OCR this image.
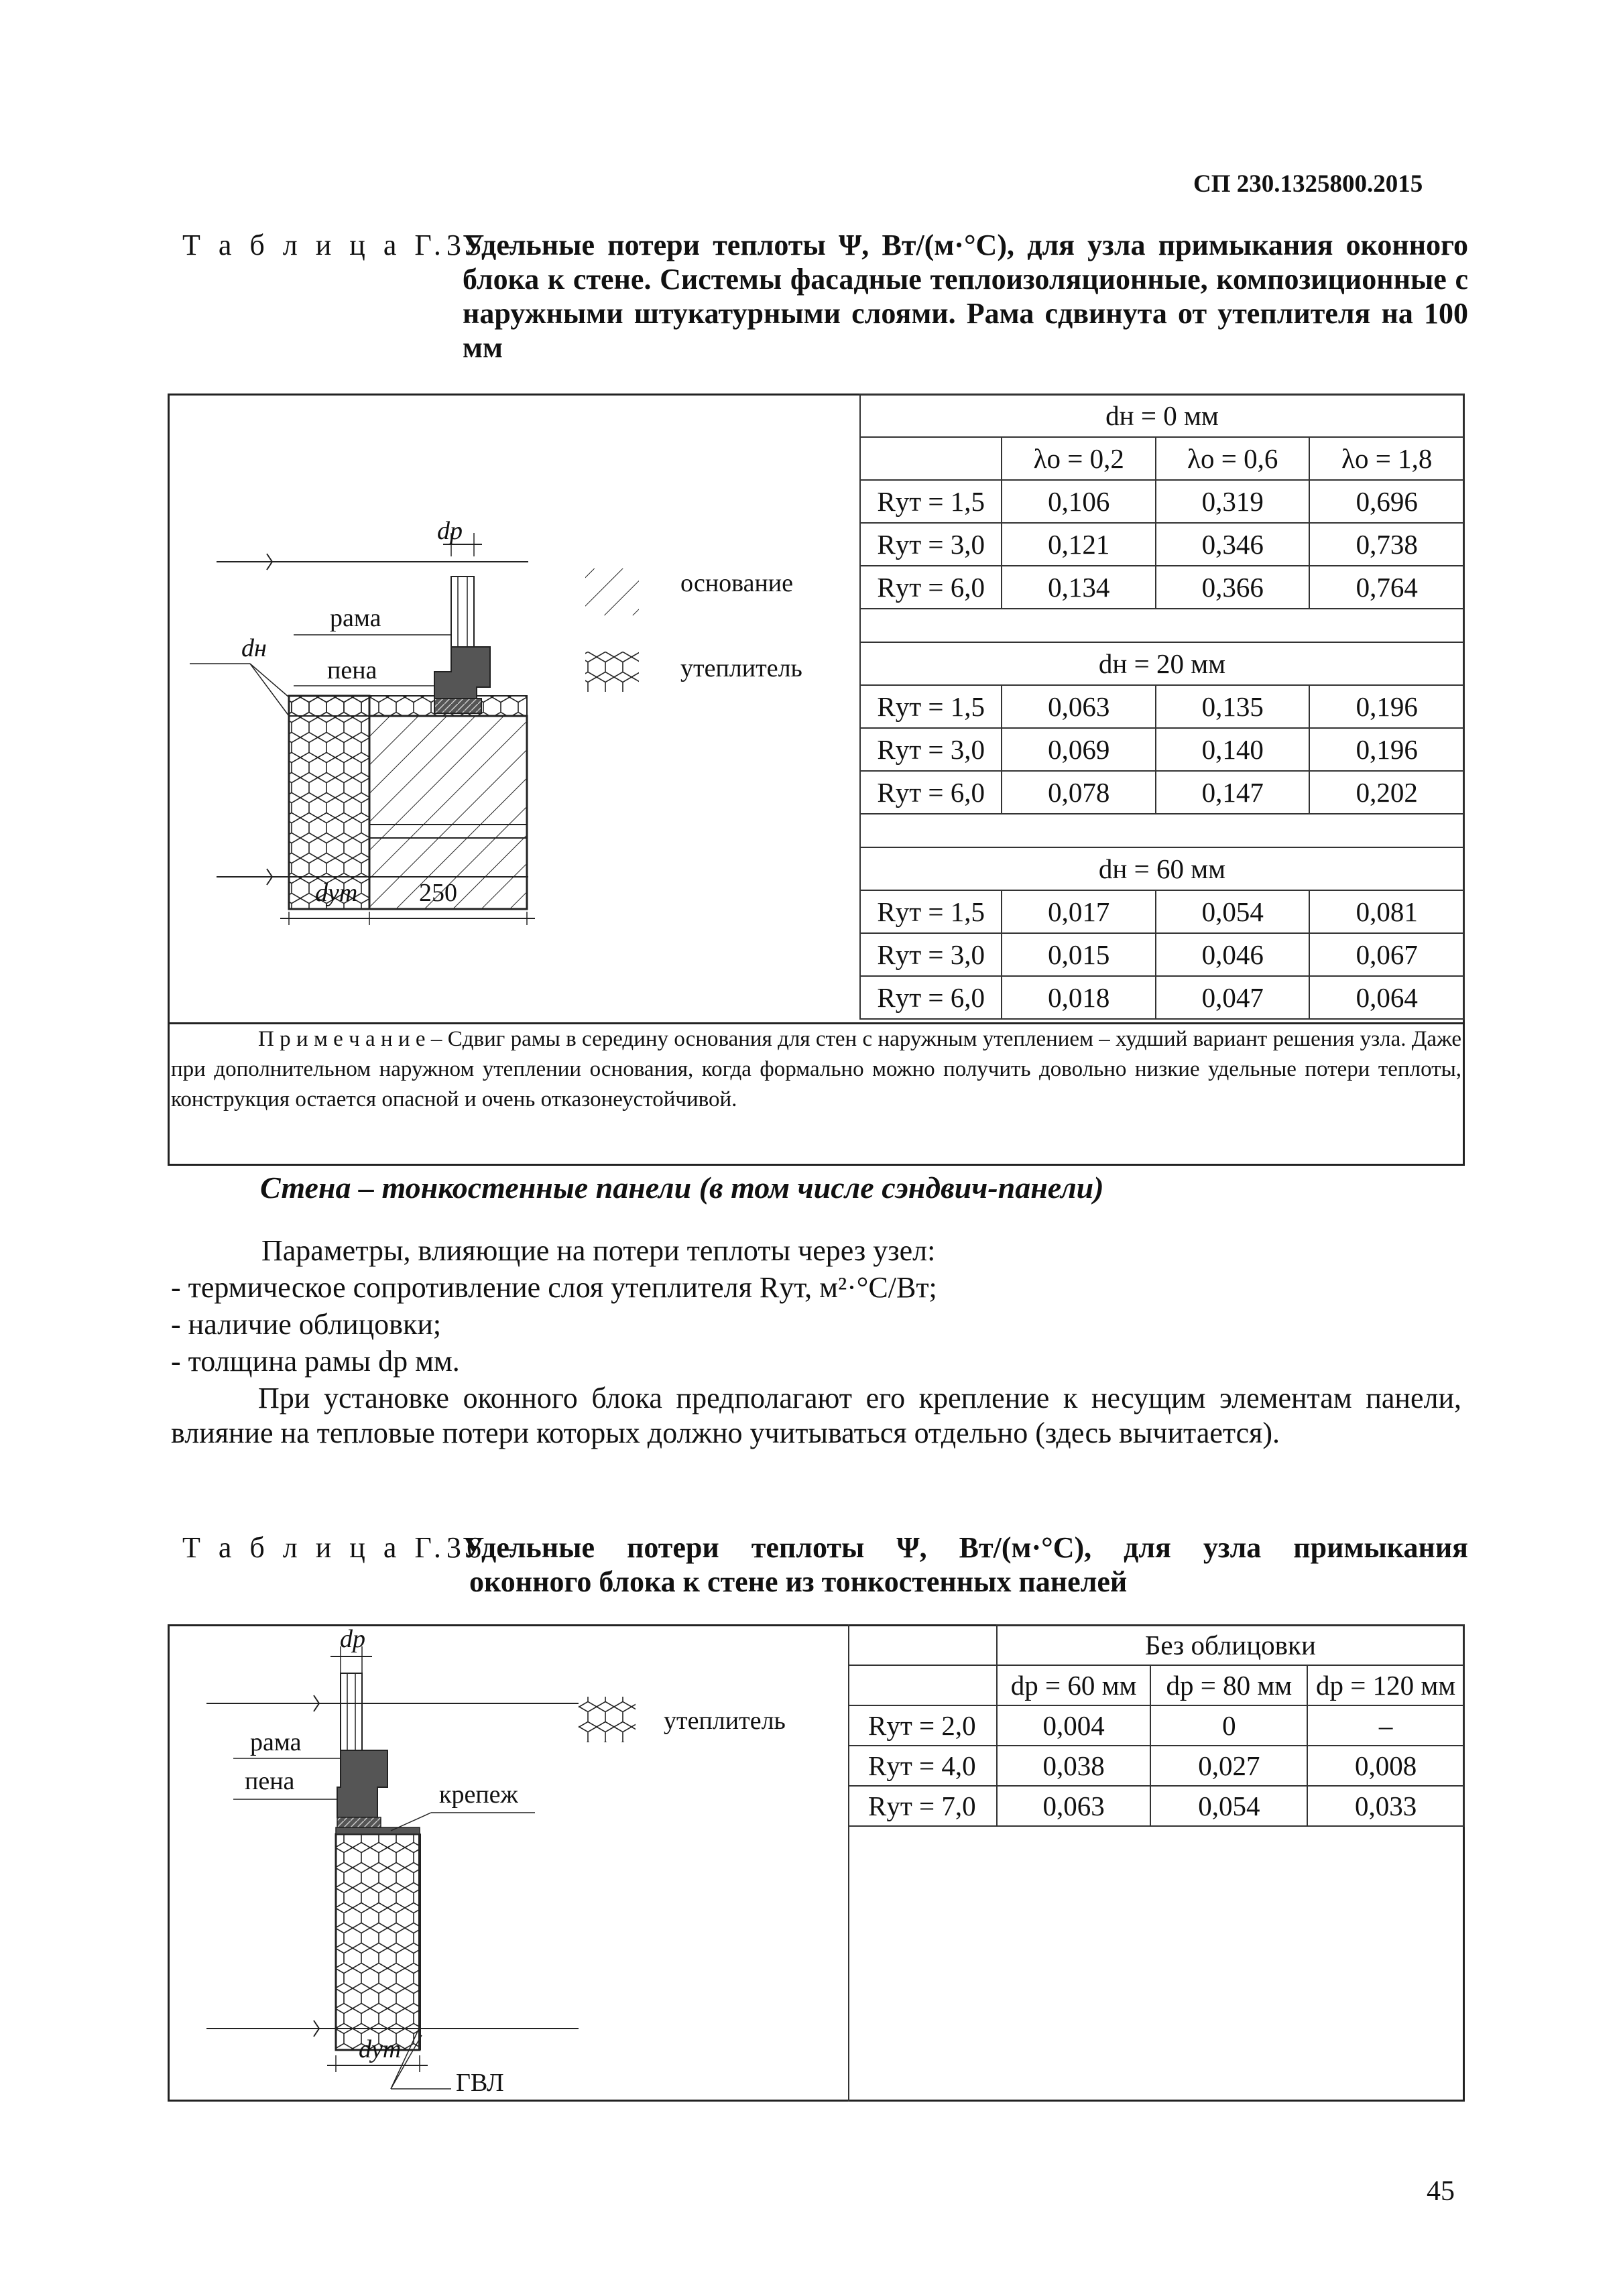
СП 230.1325800.2015
Т а б л и ц а Г.35 –
Удельные потери теплоты Ψ, Вт/(м·°С), для узла примыкания оконного блока к стене. Системы фасадные теплоизоляционные, композиционные с наружными штукатурными слоями. Рама сдвинута от утеплителя на 100 мм
dр
рама
dн
пена
dут 250
основание
утеплитель
dн = 0 мм			
	λо = 0,2	λо = 0,6	λо = 1,8
Rут = 1,5	0,106	0,319	0,696
Rут = 3,0	0,121	0,346	0,738
Rут = 6,0	0,134	0,366	0,764

dн = 20 мм			
Rут = 1,5	0,063	0,135	0,196
Rут = 3,0	0,069	0,140	0,196
Rут = 6,0	0,078	0,147	0,202

dн = 60 мм			
Rут = 1,5	0,017	0,054	0,081
Rут = 3,0	0,015	0,046	0,067
Rут = 6,0	0,018	0,047	0,064
П р и м е ч а н и е – Сдвиг рамы в середину основания для стен с наружным утеплением – худший вариант решения узла. Даже при дополнительном наружном утеплении основания, когда формально можно получить довольно низкие удельные потери теплоты, конструкция остается опасной и очень отказонеустойчивой.
Стена – тонкостенные панели (в том числе сэндвич-панели)
Параметры, влияющие на потери теплоты через узел:
- термическое сопротивление слоя утеплителя Rут, м²·°С/Вт;
- наличие облицовки;
- толщина рамы dр мм.
При установке оконного блока предполагают его крепление к несущим элементам панели, влияние на тепловые потери которых должно учитываться отдельно (здесь вычитается).
Т а б л и ц а Г.36 –
Удельные потери теплоты Ψ, Вт/(м·°С), для узла примыкания
оконного блока к стене из тонкостенных панелей
dр
рама
пена	крепеж
утеплитель
dут
ГВЛ
	Без облицовки		
	dр = 60 мм	dр = 80 мм	dр = 120 мм
Rут = 2,0	0,004	0	–
Rут = 4,0	0,038	0,027	0,008
Rут = 7,0	0,063	0,054	0,033
45
